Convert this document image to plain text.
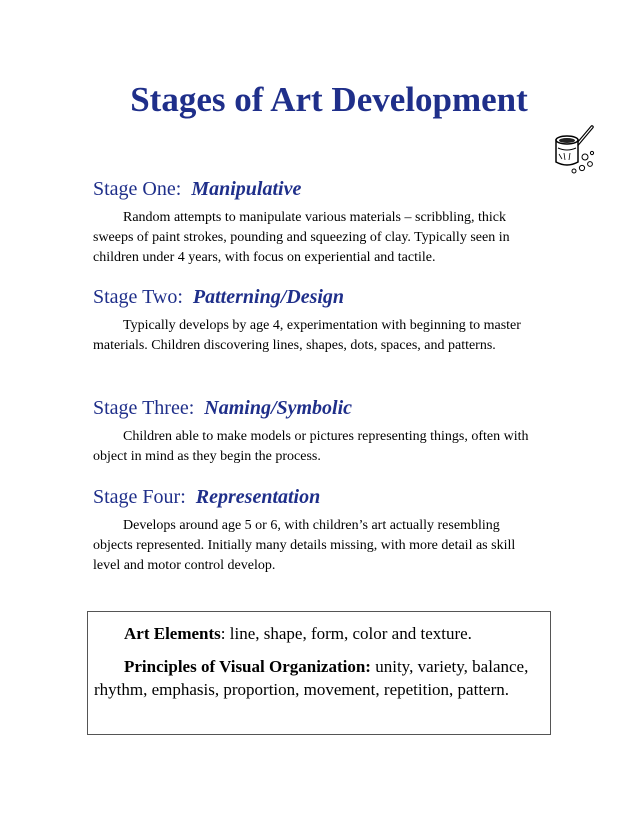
Stages of Art Development

Stage One: Manipulative

Random attempts to manipulate various materials – scribbling, thick sweeps of paint strokes, pounding and squeezing of clay. Typically seen in children under 4 years, with focus on experiential and tactile.

Stage Two: Patterning/Design

Typically develops by age 4, experimentation with beginning to master materials. Children discovering lines, shapes, dots, spaces, and patterns.

Stage Three: Naming/Symbolic

Children able to make models or pictures representing things, often with object in mind as they begin the process.

Stage Four: Representation

Develops around age 5 or 6, with children’s art actually resembling objects represented. Initially many details missing, with more detail as skill level and motor control develop.

Art Elements: line, shape, form, color and texture.

Principles of Visual Organization: unity, variety, balance, rhythm, emphasis, proportion, movement, repetition, pattern.
